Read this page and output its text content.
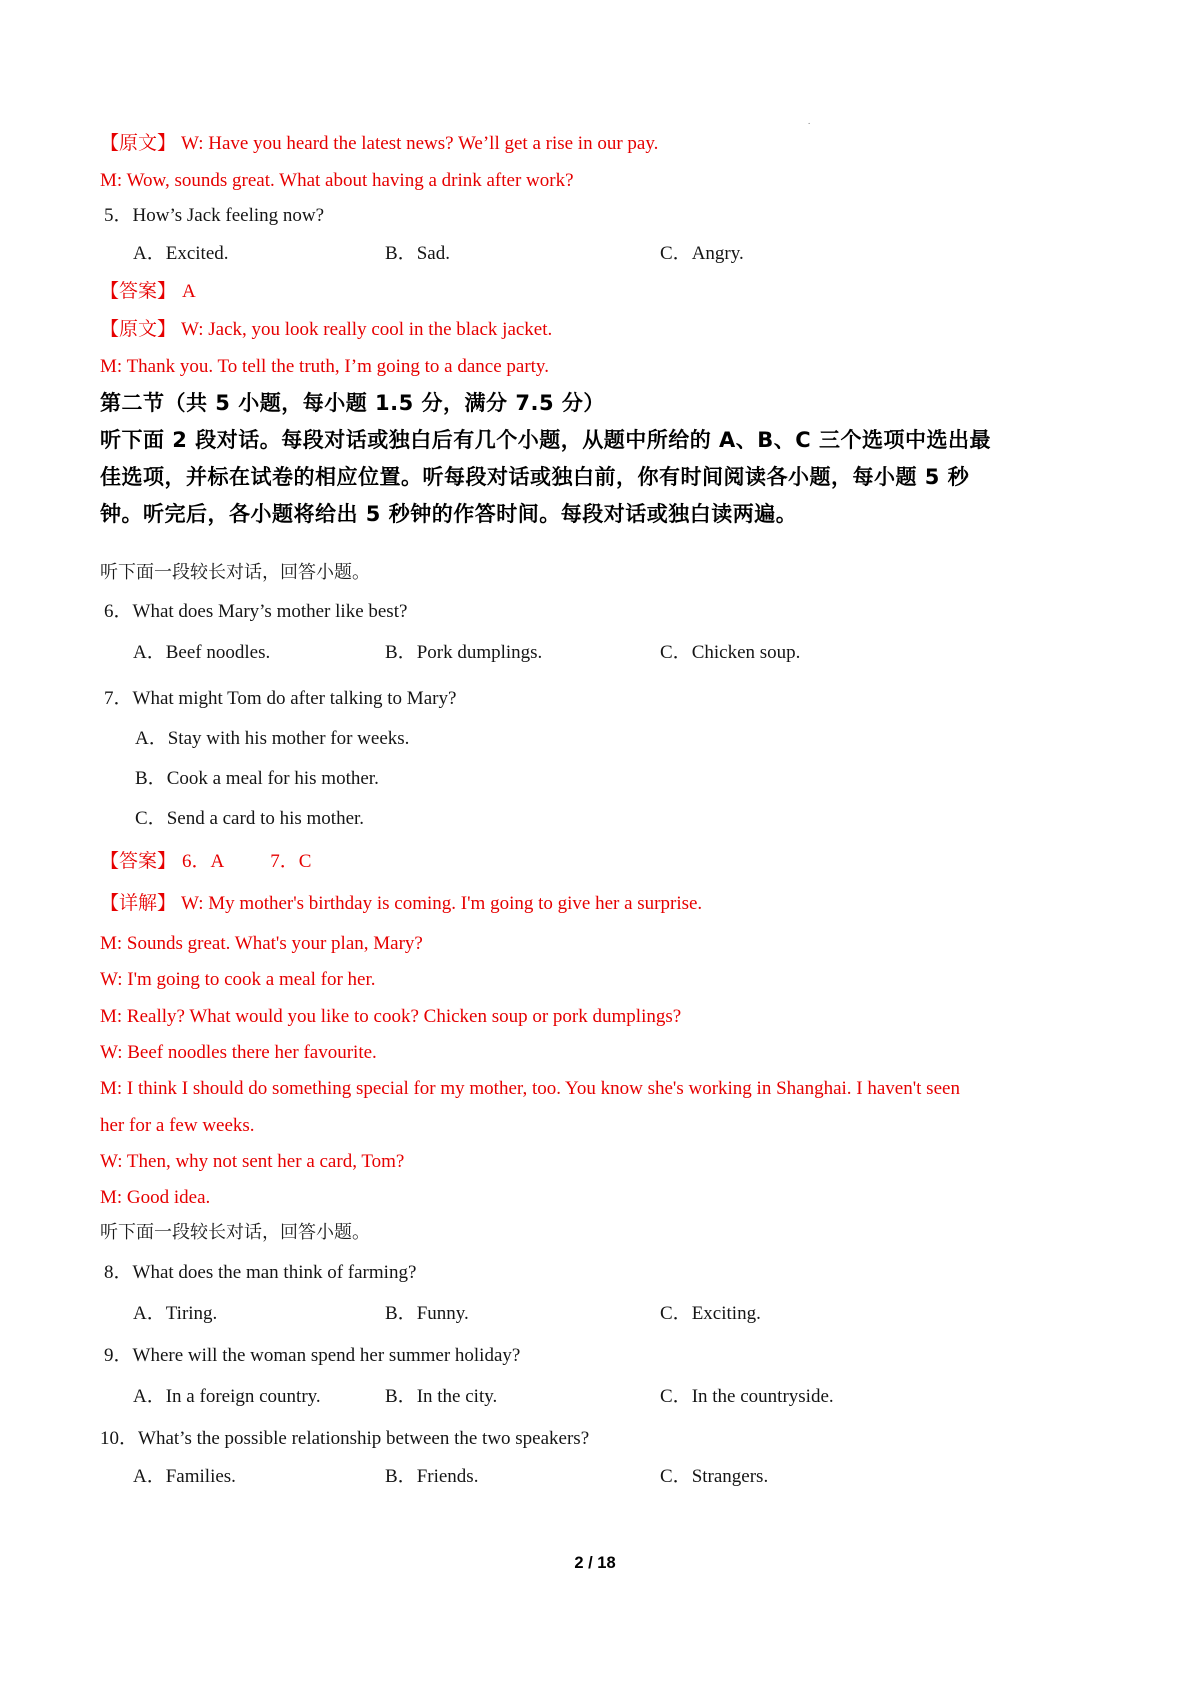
.
【原文】 W: Have you heard the latest news? We’ll get a rise in our pay.
M: Wow, sounds great. What about having a drink after work?
5．How’s Jack feeling now?
A．Excited.	B．Sad.	C．Angry.
【答案】 A
【原文】 W: Jack, you look really cool in the black jacket.
M: Thank you. To tell the truth, I’m going to a dance party.
第二节（共 5 小题，每小题 1.5 分，满分 7.5 分）
听下面 2 段对话。每段对话或独白后有几个小题，从题中所给的 A、B、C 三个选项中选出最
佳选项，并标在试卷的相应位置。听每段对话或独白前，你有时间阅读各小题，每小题 5 秒
钟。听完后，各小题将给出 5 秒钟的作答时间。每段对话或独白读两遍。
听下面一段较长对话，回答小题。
6．What does Mary’s mother like best?
A．Beef noodles.	B．Pork dumplings.	C．Chicken soup.
7．What might Tom do after talking to Mary?
A．Stay with his mother for weeks.
B．Cook a meal for his mother.
C．Send a card to his mother.
【答案】 6．A 7．C
【详解】 W: My mother's birthday is coming. I'm going to give her a surprise.
M: Sounds great. What's your plan, Mary?
W: I'm going to cook a meal for her.
M: Really? What would you like to cook? Chicken soup or pork dumplings?
W: Beef noodles there her favourite.
M: I think I should do something special for my mother, too. You know she's working in Shanghai. I haven't seen
her for a few weeks.
W: Then, why not sent her a card, Tom?
M: Good idea.
听下面一段较长对话，回答小题。
8．What does the man think of farming?
A．Tiring.	B．Funny.	C．Exciting.
9．Where will the woman spend her summer holiday?
A．In a foreign country.	B．In the city.	C．In the countryside.
10．What’s the possible relationship between the two speakers?
A．Families.	B．Friends.	C．Strangers.
2 / 18
